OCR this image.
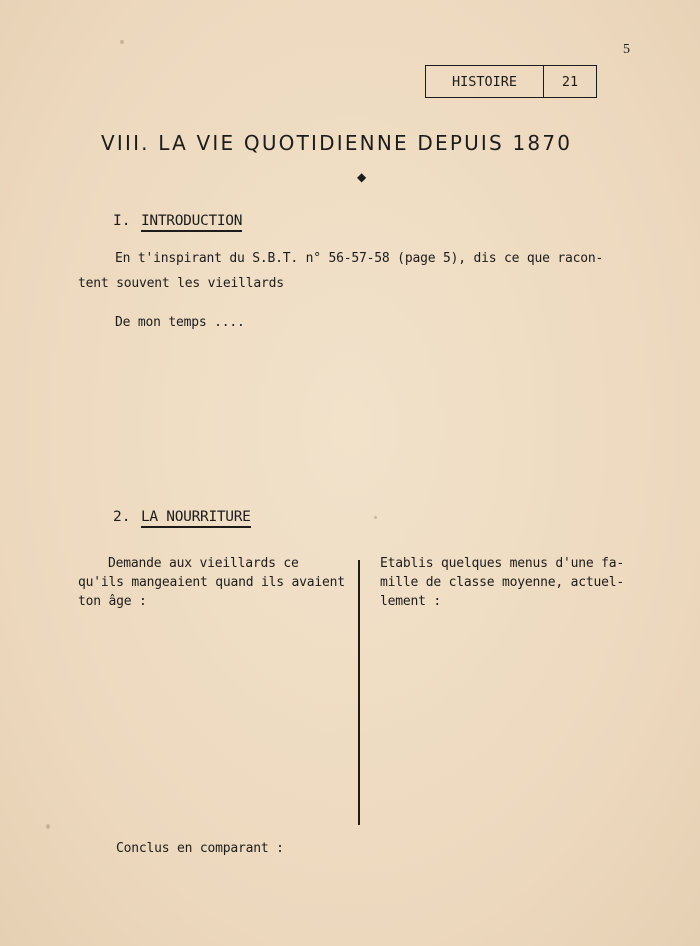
5
HISTOIRE	21
VIII. LA VIE QUOTIDIENNE DEPUIS 1870
◆
I. INTRODUCTION
En t'inspirant du S.B.T. n° 56-57-58 (page 5), dis ce que racon-
tent souvent les vieillards
De mon temps ....
2. LA NOURRITURE
Demande aux vieillards ce
qu'ils mangeaient quand ils avaient
ton âge :
Etablis quelques menus d'une fa-
mille de classe moyenne, actuel-
lement :
Conclus en comparant :
